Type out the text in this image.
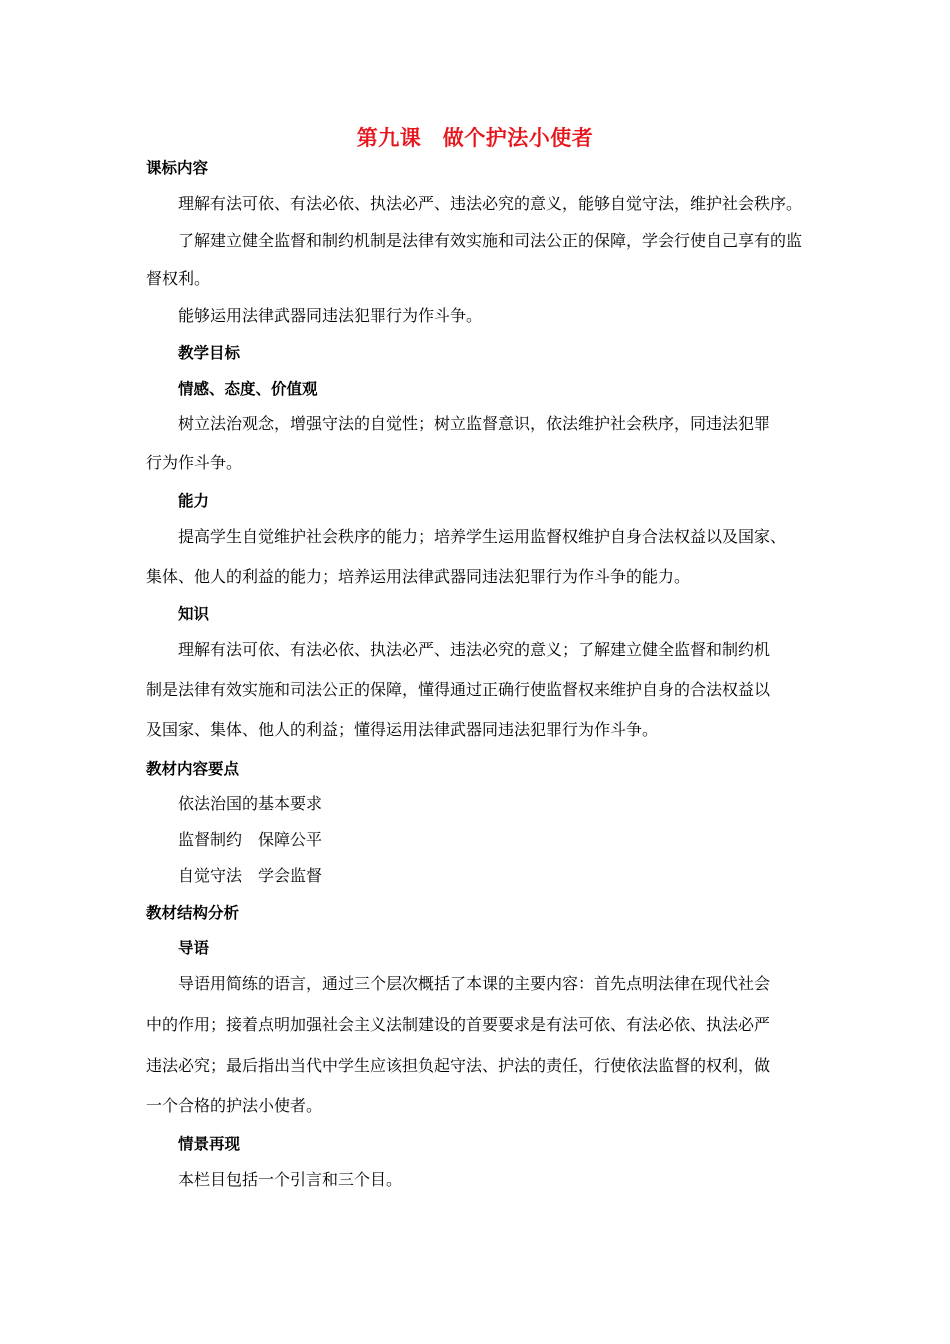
第九课　做个护法小使者
课标内容
理解有法可依、有法必依、执法必严、违法必究的意义，能够自觉守法，维护社会秩序。
了解建立健全监督和制约机制是法律有效实施和司法公正的保障，学会行使自己享有的监
督权利。
能够运用法律武器同违法犯罪行为作斗争。
教学目标
情感、态度、价值观
树立法治观念，增强守法的自觉性；树立监督意识，依法维护社会秩序，同违法犯罪
行为作斗争。
能力
提高学生自觉维护社会秩序的能力；培养学生运用监督权维护自身合法权益以及国家、
集体、他人的利益的能力；培养运用法律武器同违法犯罪行为作斗争的能力。
知识
理解有法可依、有法必依、执法必严、违法必究的意义；了解建立健全监督和制约机
制是法律有效实施和司法公正的保障，懂得通过正确行使监督权来维护自身的合法权益以
及国家、集体、他人的利益；懂得运用法律武器同违法犯罪行为作斗争。
教材内容要点
依法治国的基本要求
监督制约　保障公平
自觉守法　学会监督
教材结构分析
导语
导语用简练的语言，通过三个层次概括了本课的主要内容：首先点明法律在现代社会
中的作用；接着点明加强社会主义法制建设的首要要求是有法可依、有法必依、执法必严
违法必究；最后指出当代中学生应该担负起守法、护法的责任，行使依法监督的权利，做
一个合格的护法小使者。
情景再现
本栏目包括一个引言和三个目。
